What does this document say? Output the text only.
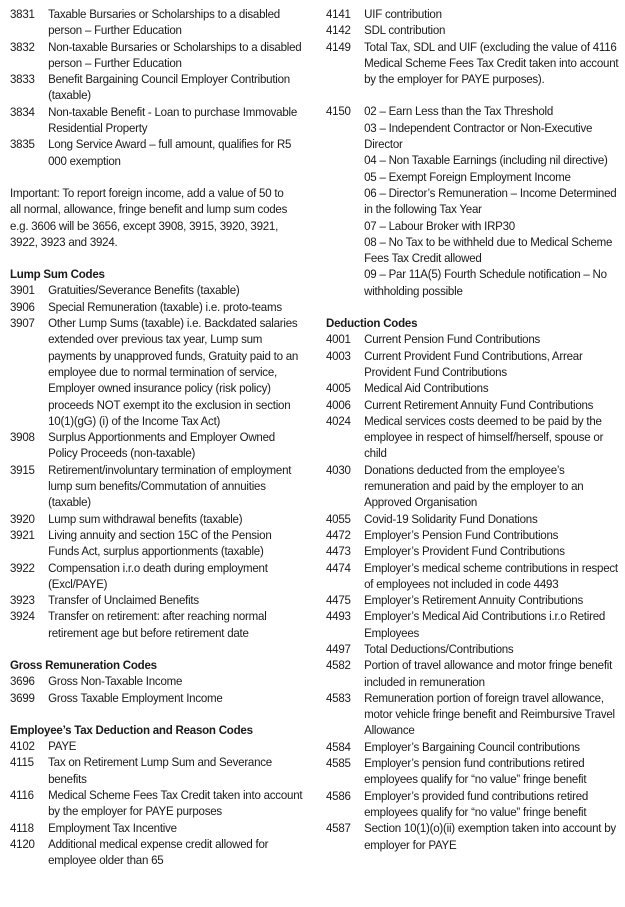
3831	Taxable Bursaries or Scholarships to a disabled person – Further Education
3832	Non-taxable Bursaries or Scholarships to a disabled person – Further Education
3833	Benefit Bargaining Council Employer Contribution (taxable)
3834	Non-taxable Benefit - Loan to purchase Immovable Residential Property
3835	Long Service Award – full amount, qualifies for R5 000 exemption
Important: To report foreign income, add a value of 50 to all normal, allowance, fringe benefit and lump sum codes e.g. 3606 will be 3656, except 3908, 3915, 3920, 3921, 3922, 3923 and 3924.
Lump Sum Codes
3901	Gratuities/Severance Benefits (taxable)
3906	Special Remuneration (taxable) i.e. proto-teams
3907	Other Lump Sums (taxable) i.e. Backdated salaries extended over previous tax year, Lump sum payments by unapproved funds, Gratuity paid to an employee due to normal termination of service, Employer owned insurance policy (risk policy) proceeds NOT exempt ito the exclusion in section 10(1)(gG) (i) of the Income Tax Act)
3908	Surplus Apportionments and Employer Owned Policy Proceeds (non-taxable)
3915	Retirement/involuntary termination of employment lump sum benefits/Commutation of annuities (taxable)
3920	Lump sum withdrawal benefits (taxable)
3921	Living annuity and section 15C of the Pension Funds Act, surplus apportionments (taxable)
3922	Compensation i.r.o death during employment (Excl/PAYE)
3923	Transfer of Unclaimed Benefits
3924	Transfer on retirement: after reaching normal retirement age but before retirement date
Gross Remuneration Codes
3696	Gross Non-Taxable Income
3699	Gross Taxable Employment Income
Employee’s Tax Deduction and Reason Codes
4102	PAYE
4115	Tax on Retirement Lump Sum and Severance benefits
4116	Medical Scheme Fees Tax Credit taken into account by the employer for PAYE purposes
4118	Employment Tax Incentive
4120	Additional medical expense credit allowed for employee older than 65
4141	UIF contribution
4142	SDL contribution
4149	Total Tax, SDL and UIF (excluding the value of 4116 Medical Scheme Fees Tax Credit taken into account by the employer for PAYE purposes).
4150	02 – Earn Less than the Tax Threshold
03 – Independent Contractor or Non-Executive Director
04 – Non Taxable Earnings (including nil directive)
05 – Exempt Foreign Employment Income
06 – Director’s Remuneration – Income Determined in the following Tax Year
07 – Labour Broker with IRP30
08 – No Tax to be withheld due to Medical Scheme Fees Tax Credit allowed
09 – Par 11A(5) Fourth Schedule notification – No withholding possible
Deduction Codes
4001	Current Pension Fund Contributions
4003	Current Provident Fund Contributions, Arrear Provident Fund Contributions
4005	Medical Aid Contributions
4006	Current Retirement Annuity Fund Contributions
4024	Medical services costs deemed to be paid by the employee in respect of himself/herself, spouse or child
4030	Donations deducted from the employee’s remuneration and paid by the employer to an Approved Organisation
4055	Covid-19 Solidarity Fund Donations
4472	Employer’s Pension Fund Contributions
4473	Employer’s Provident Fund Contributions
4474	Employer’s medical scheme contributions in respect of employees not included in code 4493
4475	Employer’s Retirement Annuity Contributions
4493	Employer’s Medical Aid Contributions i.r.o Retired Employees
4497	Total Deductions/Contributions
4582	Portion of travel allowance and motor fringe benefit included in remuneration
4583	Remuneration portion of foreign travel allowance, motor vehicle fringe benefit and Reimbursive Travel Allowance
4584	Employer’s Bargaining Council contributions
4585	Employer’s pension fund contributions retired employees qualify for “no value” fringe benefit
4586	Employer’s provided fund contributions retired employees qualify for “no value” fringe benefit
4587	Section 10(1)(o)(ii) exemption taken into account by employer for PAYE
